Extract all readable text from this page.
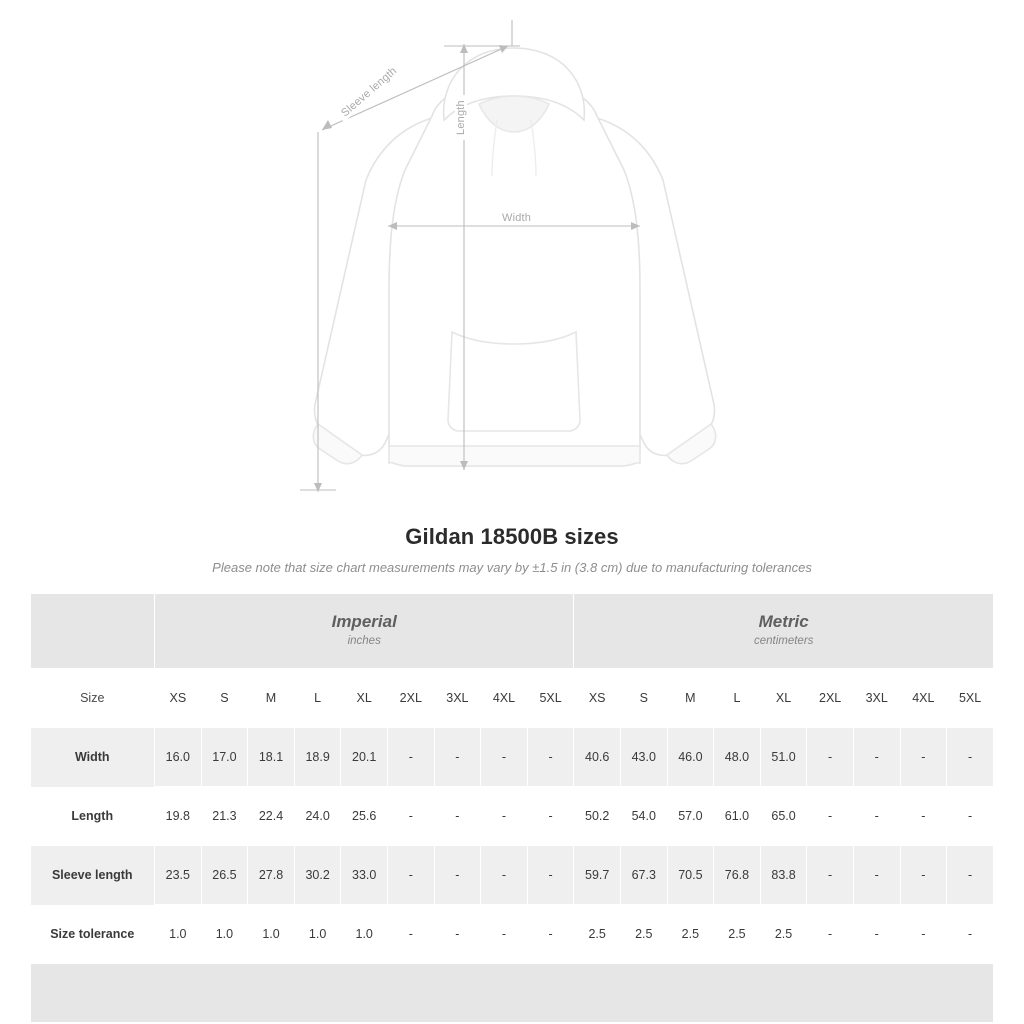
Width
Length
Sleeve length
Gildan 18500B sizes

Please note that size chart measurements may vary by ±1.5 in (3.8 cm) due to manufacturing tolerances

	Imperial
inches									Metric
centimeters								

Size	XS	S	M	L	XL	2XL	3XL	4XL	5XL	XS	S	M	L	XL	2XL	3XL	4XL	5XL
Width	16.0	17.0	18.1	18.9	20.1	-	-	-	-	40.6	43.0	46.0	48.0	51.0	-	-	-	-
Length	19.8	21.3	22.4	24.0	25.6	-	-	-	-	50.2	54.0	57.0	61.0	65.0	-	-	-	-
Sleeve length	23.5	26.5	27.8	30.2	33.0	-	-	-	-	59.7	67.3	70.5	76.8	83.8	-	-	-	-
Size tolerance	1.0	1.0	1.0	1.0	1.0	-	-	-	-	2.5	2.5	2.5	2.5	2.5	-	-	-	-
